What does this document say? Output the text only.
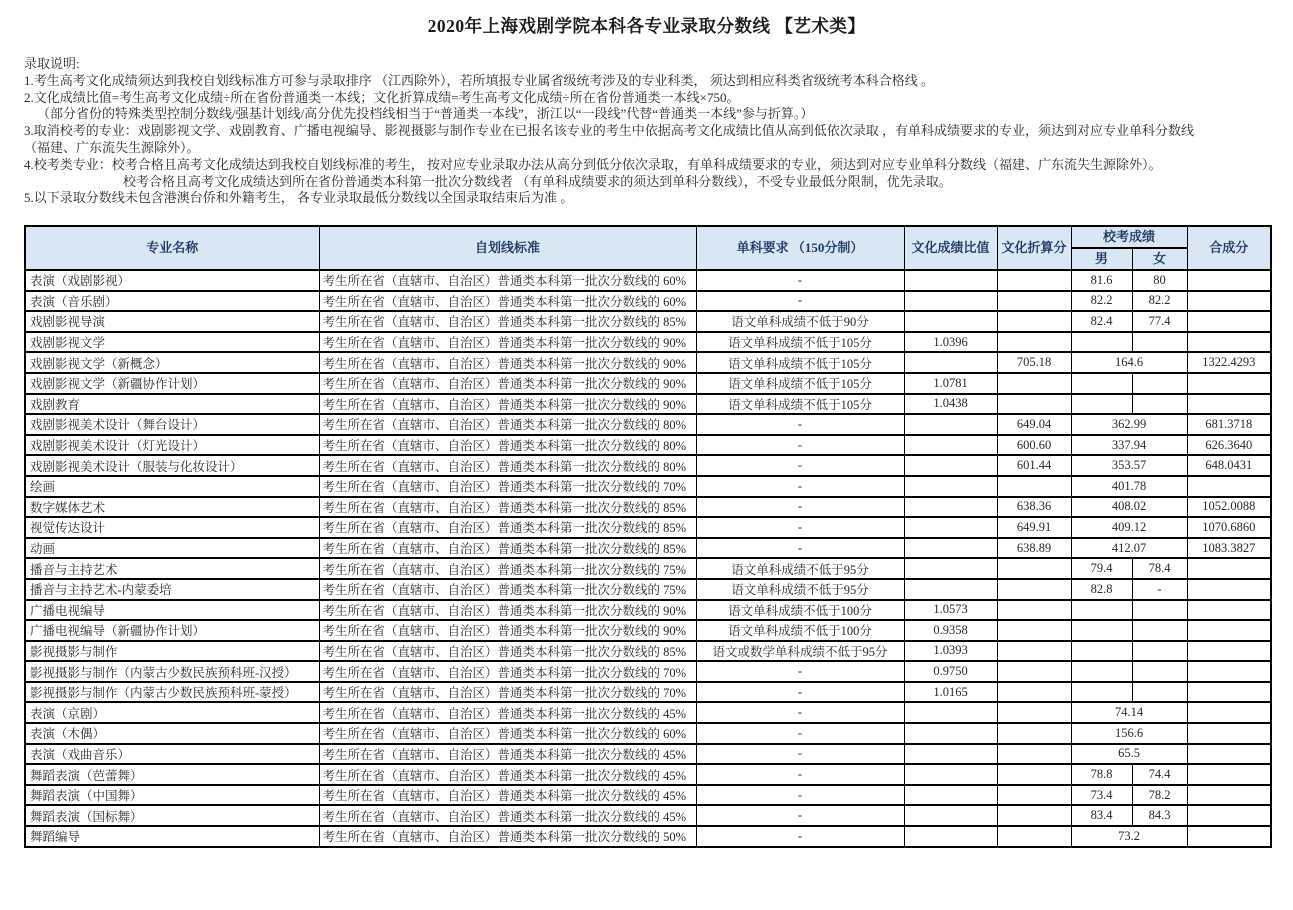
2020年上海戏剧学院本科各专业录取分数线 【艺术类】
录取说明:
1.考生高考文化成绩须达到我校自划线标准方可参与录取排序 （江西除外），若所填报专业属省级统考涉及的专业科类， 须达到相应科类省级统考本科合格线 。
2.文化成绩比值=考生高考文化成绩÷所在省份普通类一本线；文化折算成绩=考生高考文化成绩÷所在省份普通类一本线×750。
（部分省份的特殊类型控制分数线/强基计划线/高分优先投档线相当于“普通类一本线”，浙江以“一段线”代替“普通类一本线”参与折算。）
3.取消校考的专业：戏剧影视文学、戏剧教育、广播电视编导、影视摄影与制作专业在已报名该专业的考生中依据高考文化成绩比值从高到低依次录取 ，有单科成绩要求的专业，须达到对应专业单科分数线
（福建、广东流失生源除外）。
4.校考类专业：校考合格且高考文化成绩达到我校自划线标准的考生， 按对应专业录取办法从高分到低分依次录取，有单科成绩要求的专业，须达到对应专业单科分数线（福建、广东流失生源除外）。
校考合格且高考文化成绩达到所在省份普通类本科第一批次分数线者 （有单科成绩要求的须达到单科分数线），不受专业最低分限制，优先录取。
5.以下录取分数线未包含港澳台侨和外籍考生， 各专业录取最低分数线以全国录取结束后为准 。
专业名称	自划线标准	单科要求 （150分制）	文化成绩比值	文化折算分	校考成绩		合成分
					男	女	
表演（戏剧影视）	考生所在省（直辖市、自治区）普通类本科第一批次分数线的 60%	-			81.6	80	
表演（音乐剧）	考生所在省（直辖市、自治区）普通类本科第一批次分数线的 60%	-			82.2	82.2	
戏剧影视导演	考生所在省（直辖市、自治区）普通类本科第一批次分数线的 85%	语文单科成绩不低于90分			82.4	77.4	
戏剧影视文学	考生所在省（直辖市、自治区）普通类本科第一批次分数线的 90%	语文单科成绩不低于105分	1.0396				
戏剧影视文学（新概念）	考生所在省（直辖市、自治区）普通类本科第一批次分数线的 90%	语文单科成绩不低于105分		705.18	164.6		1322.4293
戏剧影视文学（新疆协作计划）	考生所在省（直辖市、自治区）普通类本科第一批次分数线的 90%	语文单科成绩不低于105分	1.0781				
戏剧教育	考生所在省（直辖市、自治区）普通类本科第一批次分数线的 90%	语文单科成绩不低于105分	1.0438				
戏剧影视美术设计（舞台设计）	考生所在省（直辖市、自治区）普通类本科第一批次分数线的 80%	-		649.04	362.99		681.3718
戏剧影视美术设计（灯光设计）	考生所在省（直辖市、自治区）普通类本科第一批次分数线的 80%	-		600.60	337.94		626.3640
戏剧影视美术设计（服装与化妆设计）	考生所在省（直辖市、自治区）普通类本科第一批次分数线的 80%	-		601.44	353.57		648.0431
绘画	考生所在省（直辖市、自治区）普通类本科第一批次分数线的 70%	-			401.78		
数字媒体艺术	考生所在省（直辖市、自治区）普通类本科第一批次分数线的 85%	-		638.36	408.02		1052.0088
视觉传达设计	考生所在省（直辖市、自治区）普通类本科第一批次分数线的 85%	-		649.91	409.12		1070.6860
动画	考生所在省（直辖市、自治区）普通类本科第一批次分数线的 85%	-		638.89	412.07		1083.3827
播音与主持艺术	考生所在省（直辖市、自治区）普通类本科第一批次分数线的 75%	语文单科成绩不低于95分			79.4	78.4	
播音与主持艺术-内蒙委培	考生所在省（直辖市、自治区）普通类本科第一批次分数线的 75%	语文单科成绩不低于95分			82.8	-	
广播电视编导	考生所在省（直辖市、自治区）普通类本科第一批次分数线的 90%	语文单科成绩不低于100分	1.0573				
广播电视编导（新疆协作计划）	考生所在省（直辖市、自治区）普通类本科第一批次分数线的 90%	语文单科成绩不低于100分	0.9358				
影视摄影与制作	考生所在省（直辖市、自治区）普通类本科第一批次分数线的 85%	语文或数学单科成绩不低于95分	1.0393				
影视摄影与制作（内蒙古少数民族预科班-汉授）	考生所在省（直辖市、自治区）普通类本科第一批次分数线的 70%	-	0.9750				
影视摄影与制作（内蒙古少数民族预科班-蒙授）	考生所在省（直辖市、自治区）普通类本科第一批次分数线的 70%	-	1.0165				
表演（京剧）	考生所在省（直辖市、自治区）普通类本科第一批次分数线的 45%	-			74.14		
表演（木偶）	考生所在省（直辖市、自治区）普通类本科第一批次分数线的 60%	-			156.6		
表演（戏曲音乐）	考生所在省（直辖市、自治区）普通类本科第一批次分数线的 45%	-			65.5		
舞蹈表演（芭蕾舞）	考生所在省（直辖市、自治区）普通类本科第一批次分数线的 45%	-			78.8	74.4	
舞蹈表演（中国舞）	考生所在省（直辖市、自治区）普通类本科第一批次分数线的 45%	-			73.4	78.2	
舞蹈表演（国标舞）	考生所在省（直辖市、自治区）普通类本科第一批次分数线的 45%	-			83.4	84.3	
舞蹈编导	考生所在省（直辖市、自治区）普通类本科第一批次分数线的 50%	-			73.2		
